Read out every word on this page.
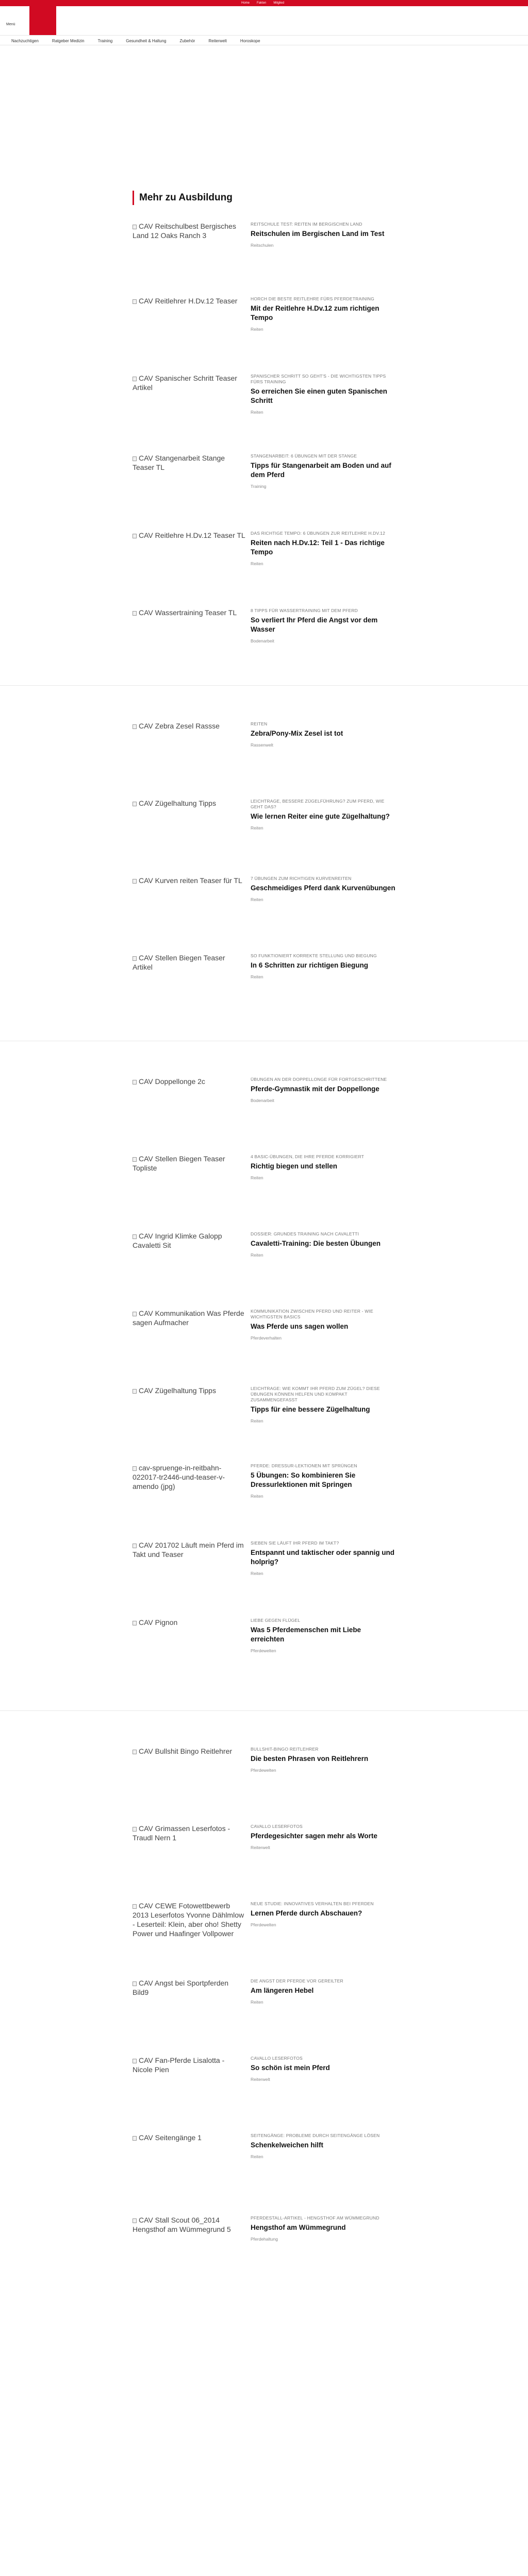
Home Fakten Mitglied
Menü
Nachzuchtigen	Ratgeber Medizin	Training	Gesundheit & Haltung	Zubehör	Reiterwelt	Horoskope
Mehr zu Ausbildung
CAV Reitschulbest Bergisches Land 12 Oaks Ranch 3
REITSCHULE TEST: REITEN IM BERGISCHEN LAND
Reitschulen im Bergischen Land im Test
Reitschulen
CAV Reitlehrer H.Dv.12 Teaser	HORCH DIE BESTE REITLEHRE FÜRS PFERDETRAINING
Mit der Reitlehre H.Dv.12 zum richtigen Tempo
Reiten
CAV Spanischer Schritt Teaser Artikel
SPANISCHER SCHRITT SO GEHT'S - DIE WICHTIGSTEN TIPPS FÜRS TRAINING
So erreichen Sie einen guten Spanischen Schritt
Reiten
CAV Stangenarbeit Stange Teaser TL
STANGENARBEIT: 6 ÜBUNGEN MIT DER STANGE
Tipps für Stangenarbeit am Boden und auf dem Pferd
Training
CAV Reitlehre H.Dv.12 Teaser TL DAS RICHTIGE TEMPO: 6 ÜBUNGEN ZUR REITLEHRE H.DV.12
Reiten nach H.Dv.12: Teil 1 - Das richtige Tempo
Reiten
CAV Wassertraining Teaser TL	8 TIPPS FÜR WASSERTRAINING MIT DEM PFERD
So verliert Ihr Pferd die Angst vor dem Wasser
Bodenarbeit
CAV Zebra Zesel Rassse	REITEN
Zebra/Pony-Mix Zesel ist tot
Rassenwelt
CAV Zügelhaltung Tipps	LEICHTRAGE, BESSERE ZÜGELFÜHRUNG? ZUM PFERD, WIE GEHT DAS?
Wie lernen Reiter eine gute Zügelhaltung?
Reiten
CAV Kurven reiten Teaser für TL	7 ÜBUNGEN ZUM RICHTIGEN KURVENREITEN
Geschmeidiges Pferd dank Kurvenübungen
Reiten
CAV Stellen Biegen Teaser Artikel
SO FUNKTIONIERT KORREKTE STELLUNG UND BIEGUNG
In 6 Schritten zur richtigen Biegung
Reiten
CAV Doppellonge 2c	ÜBUNGEN AN DER DOPPELLONGE FÜR FORTGESCHRITTENE
Pferde-Gymnastik mit der Doppellonge
Bodenarbeit
CAV Stellen Biegen Teaser Topliste
4 BASIC-ÜBUNGEN, DIE IHRE PFERDE KORRIGIERT
Richtig biegen und stellen
Reiten
CAV Ingrid Klimke Galopp Cavaletti Sit
DOSSIER: GRUNDES TRAINING NACH CAVALETTI
Cavaletti-Training: Die besten Übungen
Reiten
CAV Kommunikation Was Pferde sagen Aufmacher
KOMMUNIKATION ZWISCHEN PFERD UND REITER - WIE WICHTIGSTEN BASICS
Was Pferde uns sagen wollen
Pferdeverhalten
CAV Zügelhaltung Tipps	LEICHTRAGE: WIE KOMMT IHR PFERD ZUM ZÜGEL? DIESE ÜBUNGEN KÖNNEN HELFEN UND KOMPAKT ZUSAMMENGEFASST
Tipps für eine bessere Zügelhaltung
Reiten
cav-spruenge-in-reitbahn-022017-tr2446-und-teaser-v-amendo (jpg)
PFERDE: DRESSUR-LEKTIONEN MIT SPRÜNGEN
5 Übungen: So kombinieren Sie Dressurlektionen mit Springen
Reiten
CAV 201702 Läuft mein Pferd im Takt und Teaser
SIEBEN SIE LÄUFT IHR PFERD IM TAKT?
Entspannt und taktischer oder spannig und holprig?
Reiten
CAV Pignon	LIEBE GEGEN FLÜGEL
Was 5 Pferdemenschen mit Liebe erreichten
Pferdewelten
CAV Bullshit Bingo Reitlehrer	BULLSHIT-BINGO REITLEHRER
Die besten Phrasen von Reitlehrern
Pferdewelten
CAV Grimassen Leserfotos - Traudl Nern 1
CAVALLO LESERFOTOS
Pferdegesichter sagen mehr als Worte
Reiterwelt
CAV CEWE Fotowettbewerb 2013 Leserfotos Yvonne Dählmlow - Leserteil: Klein, aber oho! Shetty Power und Haafinger Vollpower
NEUE STUDIE: INNOVATIVES VERHALTEN BEI PFERDEN
Lernen Pferde durch Abschauen?
Pferdewelten
CAV Angst bei Sportpferden Bild9
DIE ANGST DER PFERDE VOR GEREILTER
Am längeren Hebel
Reiten
CAV Fan-Pferde Lisalotta - Nicole Pien
CAVALLO LESERFOTOS
So schön ist mein Pferd
Reiterwelt
CAV Seitengänge 1	SEITENGÄNGE: PROBLEME DURCH SEITENGÄNGE LÖSEN
Schenkelweichen hilft
Reiten
CAV Stall Scout 06_2014 Hengsthof am Wümmegrund 5
PFERDESTALL-ARTIKEL - HENGSTHOF AM WÜMMEGRUND
Hengsthof am Wümmegrund
Pferdehaltung
